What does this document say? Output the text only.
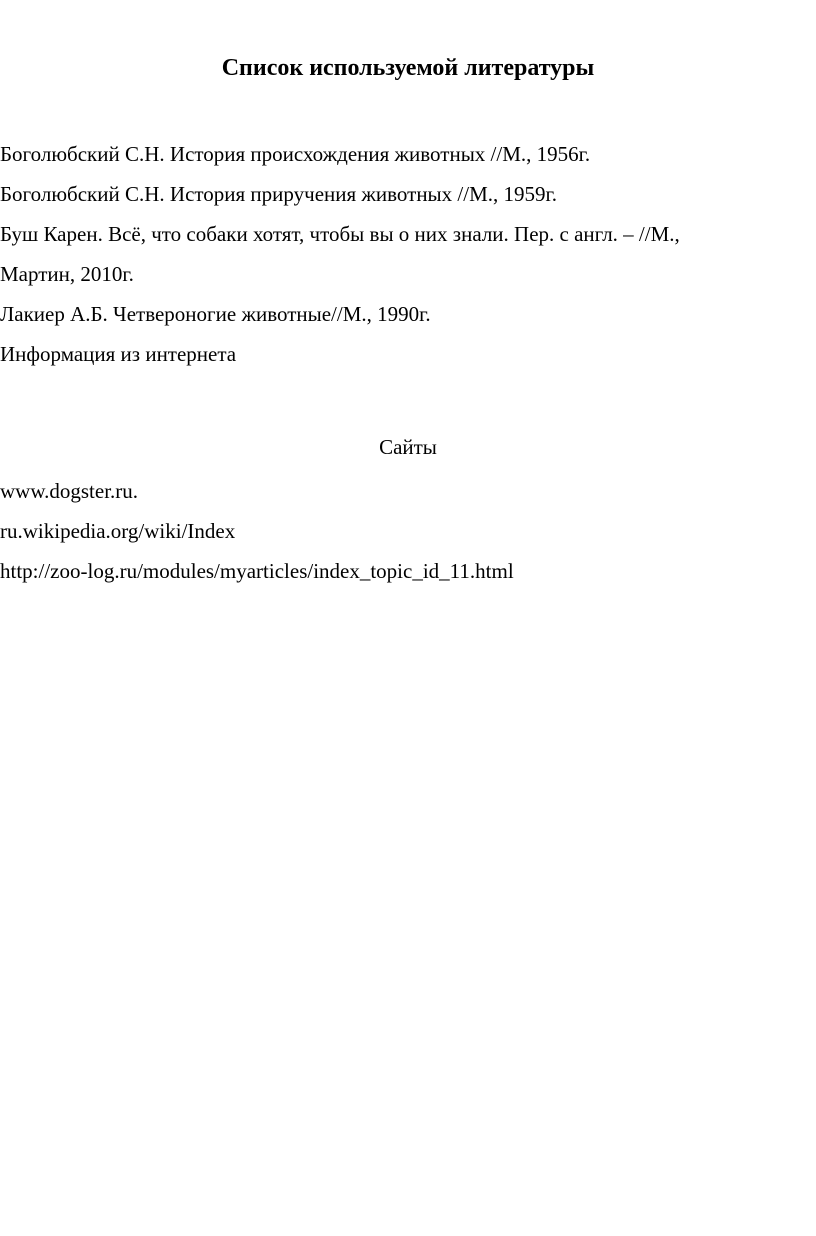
Список используемой литературы
Боголюбский С.Н. История происхождения животных //М., 1956г.
Боголюбский С.Н. История приручения животных //М., 1959г.
Буш Карен. Всё, что собаки хотят, чтобы вы о них знали. Пер. с англ. – //М.,
Мартин, 2010г.
Лакиер А.Б. Четвероногие животные//М., 1990г.
Информация из интернета
Сайты
www.dogster.ru.
ru.wikipedia.org/wiki/Index
http://zoo-log.ru/modules/myarticles/index_topic_id_11.html
